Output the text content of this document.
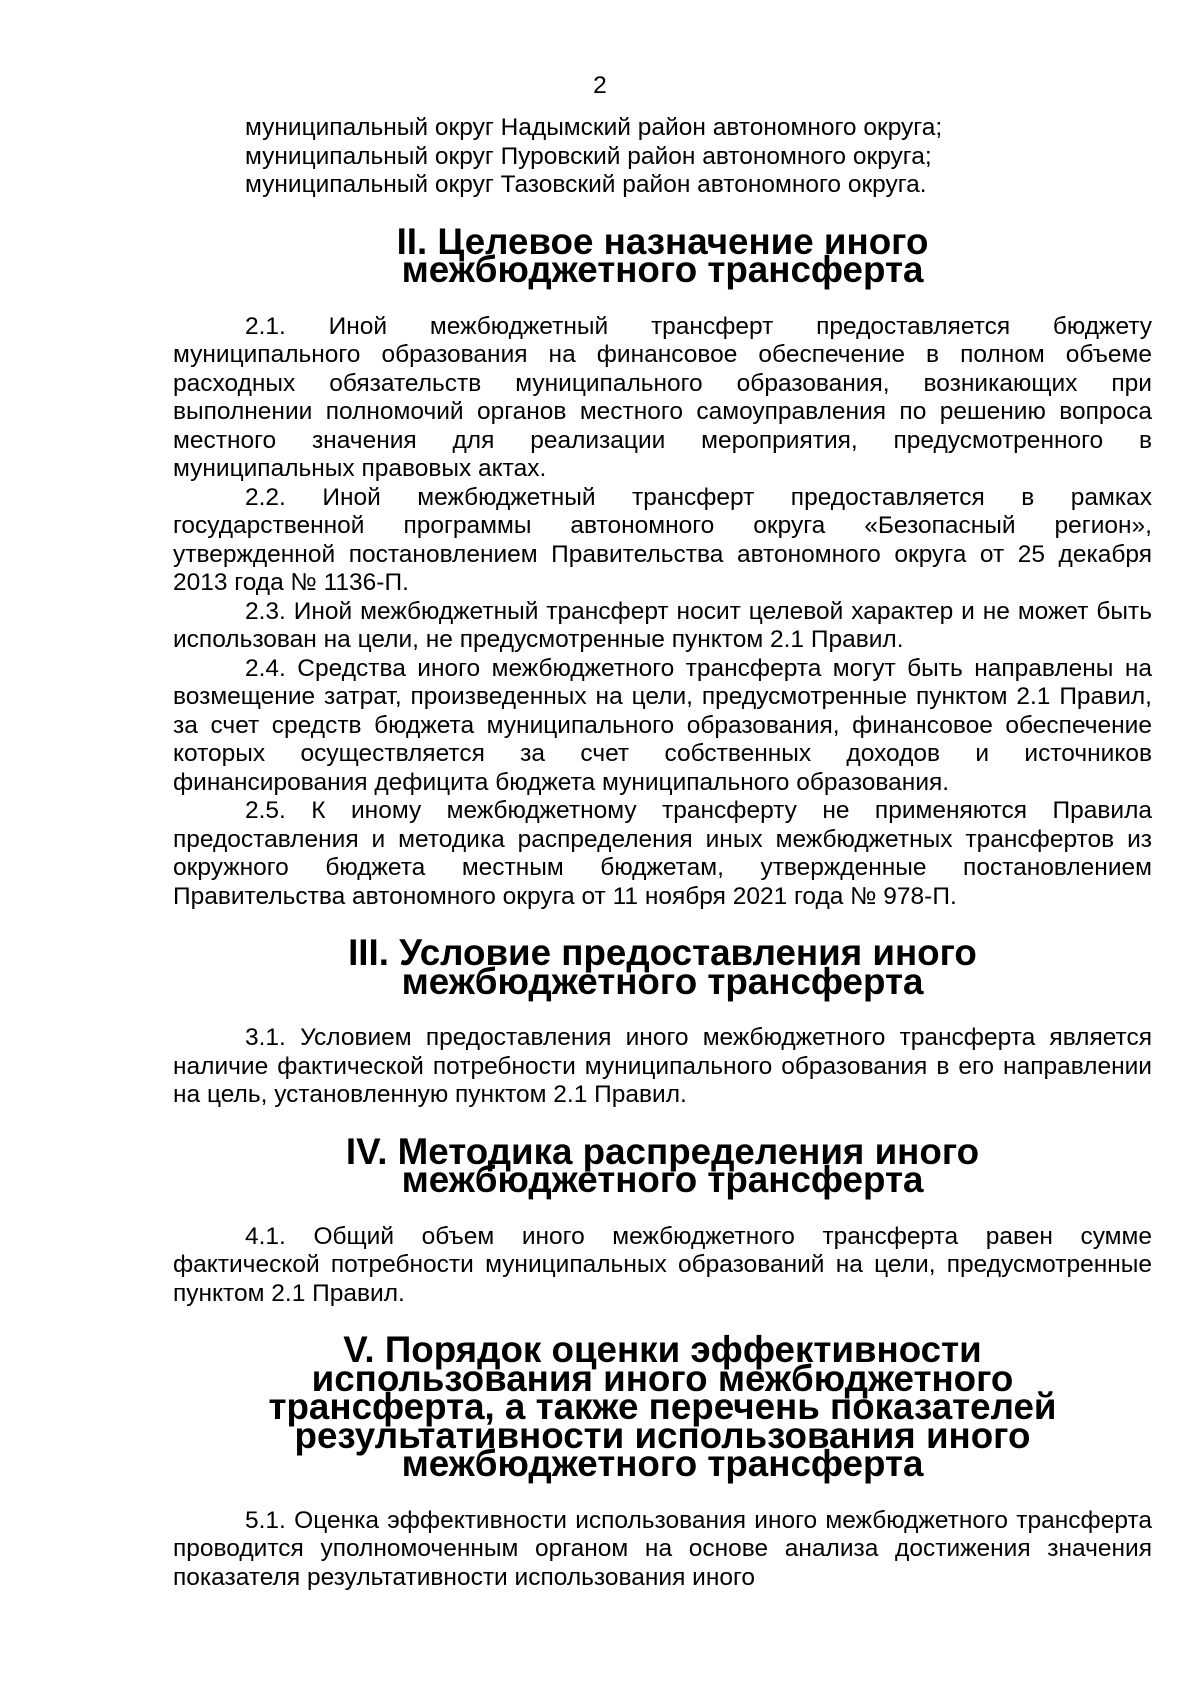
2

муниципальный округ Надымский район автономного округа;

муниципальный округ Пуровский район автономного округа;

муниципальный округ Тазовский район автономного округа.

II. Целевое назначение иного межбюджетного трансферта

2.1. Иной межбюджетный трансферт предоставляется бюджету муниципального образования на финансовое обеспечение в полном объеме расходных обязательств муниципального образования, возникающих при выполнении полномочий органов местного самоуправления по решению вопроса местного значения для реализации мероприятия, предусмотренного в муниципальных правовых актах.

2.2. Иной межбюджетный трансферт предоставляется в рамках государственной программы автономного округа «Безопасный регион», утвержденной постановлением Правительства автономного округа от 25 декабря 2013 года № 1136-П.

2.3. Иной межбюджетный трансферт носит целевой характер и не может быть использован на цели, не предусмотренные пунктом 2.1 Правил.

2.4. Средства иного межбюджетного трансферта могут быть направлены на возмещение затрат, произведенных на цели, предусмотренные пунктом 2.1 Правил, за счет средств бюджета муниципального образования, финансовое обеспечение которых осуществляется за счет собственных доходов и источников финансирования дефицита бюджета муниципального образования.

2.5. К иному межбюджетному трансферту не применяются Правила предоставления и методика распределения иных межбюджетных трансфертов из окружного бюджета местным бюджетам, утвержденные постановлением Правительства автономного округа от 11 ноября 2021 года № 978-П.

III. Условие предоставления иного межбюджетного трансферта

3.1. Условием предоставления иного межбюджетного трансферта является наличие фактической потребности муниципального образования в его направлении на цель, установленную пунктом 2.1 Правил.

IV. Методика распределения иного межбюджетного трансферта

4.1. Общий объем иного межбюджетного трансферта равен сумме фактической потребности муниципальных образований на цели, предусмотренные пунктом 2.1 Правил.

V. Порядок оценки эффективности использования иного межбюджетного трансферта, а также перечень показателей результативности использования иного межбюджетного трансферта

5.1. Оценка эффективности использования иного межбюджетного трансферта проводится уполномоченным органом на основе анализа достижения значения показателя результативности использования иного
